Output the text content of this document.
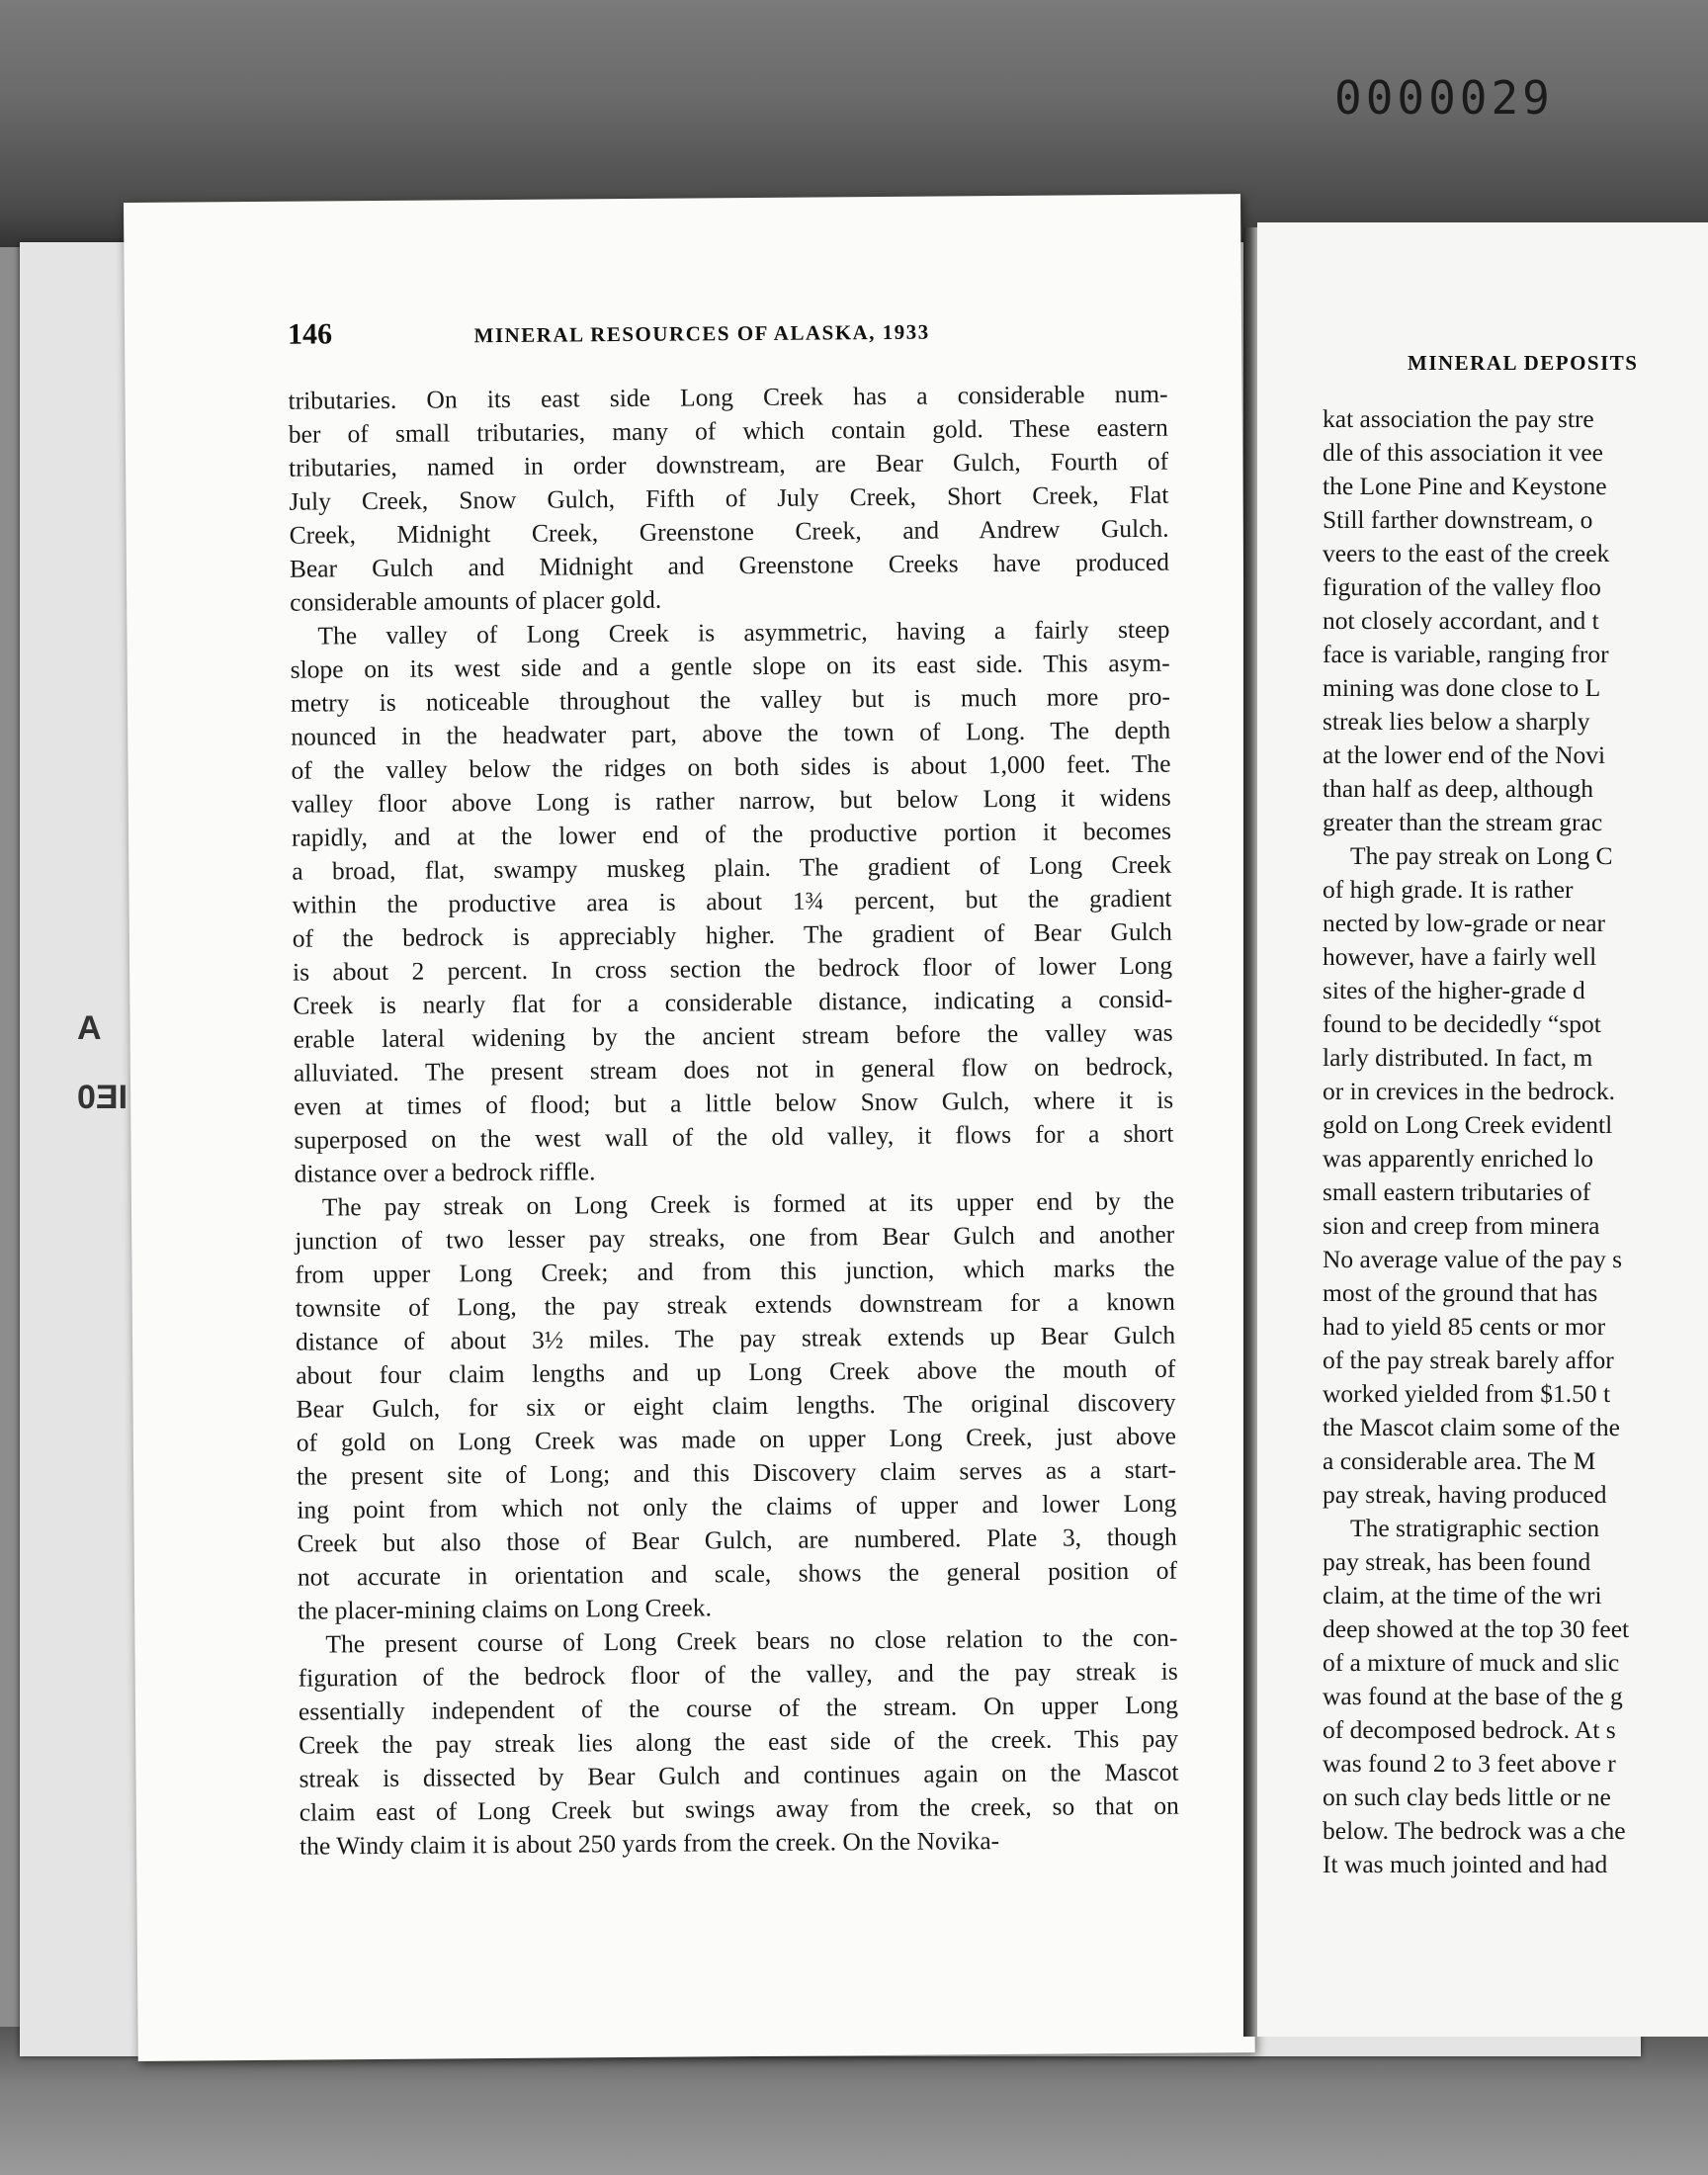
0000029
146	MINERAL RESOURCES OF ALASKA, 1933

tributaries. On its east side Long Creek has a considerable num-
ber of small tributaries, many of which contain gold. These eastern
tributaries, named in order downstream, are Bear Gulch, Fourth of
July Creek, Snow Gulch, Fifth of July Creek, Short Creek, Flat
Creek, Midnight Creek, Greenstone Creek, and Andrew Gulch.
Bear Gulch and Midnight and Greenstone Creeks have produced
considerable amounts of placer gold.

The valley of Long Creek is asymmetric, having a fairly steep
slope on its west side and a gentle slope on its east side. This asym-
metry is noticeable throughout the valley but is much more pro-
nounced in the headwater part, above the town of Long. The depth
of the valley below the ridges on both sides is about 1,000 feet. The
valley floor above Long is rather narrow, but below Long it widens
rapidly, and at the lower end of the productive portion it becomes
a broad, flat, swampy muskeg plain. The gradient of Long Creek
within the productive area is about 1¾ percent, but the gradient
of the bedrock is appreciably higher. The gradient of Bear Gulch
is about 2 percent. In cross section the bedrock floor of lower Long
Creek is nearly flat for a considerable distance, indicating a consid-
erable lateral widening by the ancient stream before the valley was
alluviated. The present stream does not in general flow on bedrock,
even at times of flood; but a little below Snow Gulch, where it is
superposed on the west wall of the old valley, it flows for a short
distance over a bedrock riffle.

The pay streak on Long Creek is formed at its upper end by the
junction of two lesser pay streaks, one from Bear Gulch and another
from upper Long Creek; and from this junction, which marks the
townsite of Long, the pay streak extends downstream for a known
distance of about 3½ miles. The pay streak extends up Bear Gulch
about four claim lengths and up Long Creek above the mouth of
Bear Gulch, for six or eight claim lengths. The original discovery
of gold on Long Creek was made on upper Long Creek, just above
the present site of Long; and this Discovery claim serves as a start-
ing point from which not only the claims of upper and lower Long
Creek but also those of Bear Gulch, are numbered. Plate 3, though
not accurate in orientation and scale, shows the general position of
the placer-mining claims on Long Creek.

The present course of Long Creek bears no close relation to the con-
figuration of the bedrock floor of the valley, and the pay streak is
essentially independent of the course of the stream. On upper Long
Creek the pay streak lies along the east side of the creek. This pay
streak is dissected by Bear Gulch and continues again on the Mascot
claim east of Long Creek but swings away from the creek, so that on
the Windy claim it is about 250 yards from the creek. On the Novika-

A
0ƎI
MINERAL DEPOSITS
kat association the pay stre
dle of this association it vee
the Lone Pine and Keystone
Still farther downstream, o
veers to the east of the creek
figuration of the valley floo
not closely accordant, and t
face is variable, ranging fror
mining was done close to L
streak lies below a sharply
at the lower end of the Novi
than half as deep, although
greater than the stream grac
The pay streak on Long C
of high grade. It is rather
nected by low-grade or near
however, have a fairly well
sites of the higher-grade d
found to be decidedly “spot
larly distributed. In fact, m
or in crevices in the bedrock.
gold on Long Creek evidentl
was apparently enriched lo
small eastern tributaries of
sion and creep from minera
No average value of the pay s
most of the ground that has
had to yield 85 cents or mor
of the pay streak barely affor
worked yielded from $1.50 t
the Mascot claim some of the
a considerable area. The M
pay streak, having produced
The stratigraphic section
pay streak, has been found
claim, at the time of the wri
deep showed at the top 30 feet
of a mixture of muck and slic
was found at the base of the g
of decomposed bedrock. At s
was found 2 to 3 feet above r
on such clay beds little or ne
below. The bedrock was a che
It was much jointed and had
